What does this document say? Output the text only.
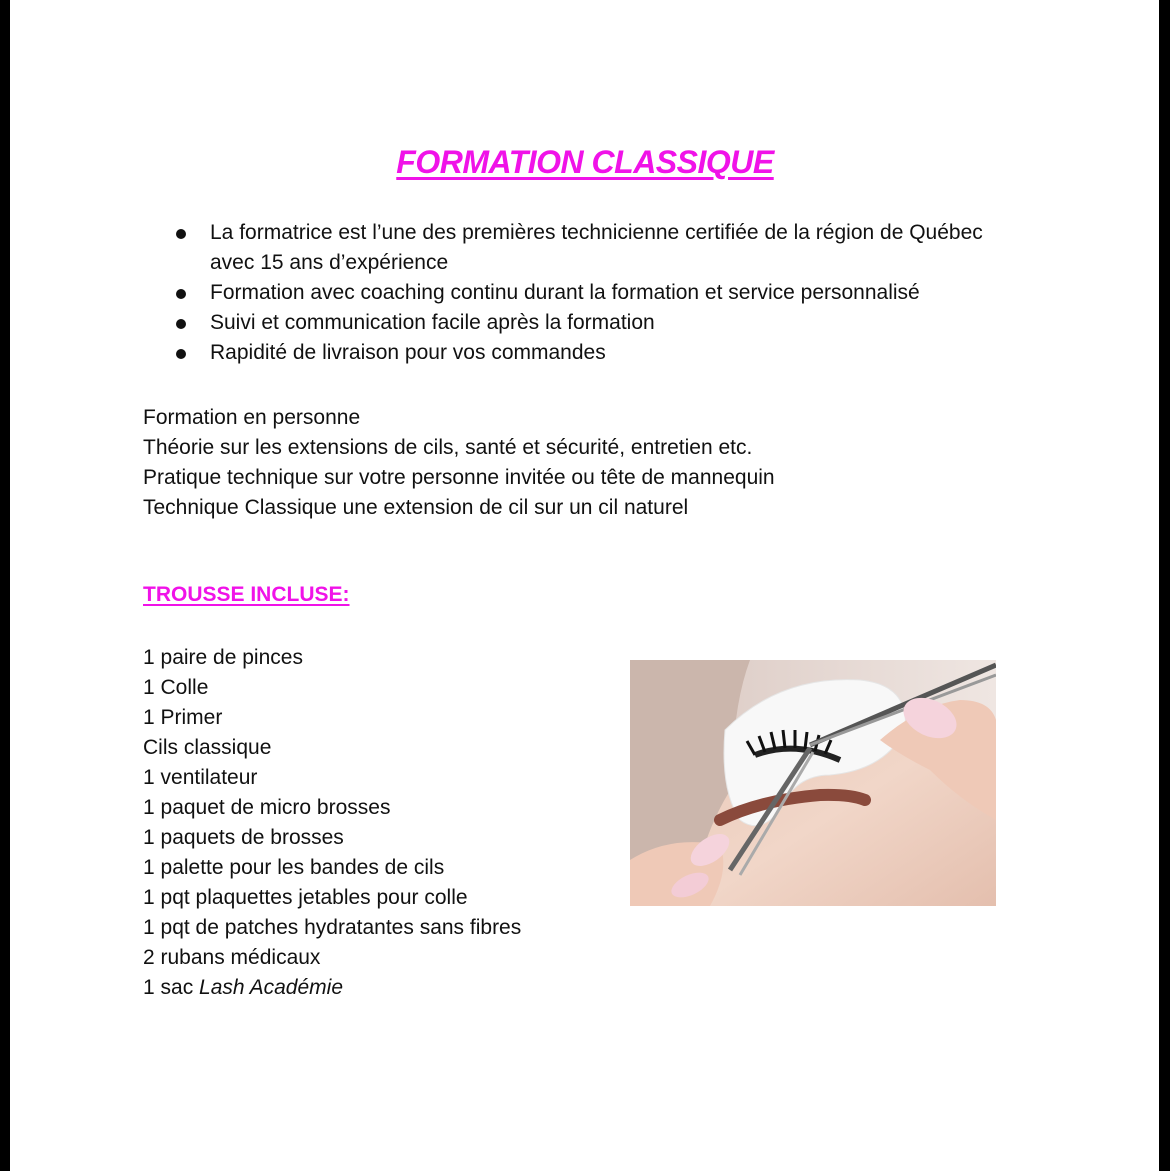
FORMATION CLASSIQUE
La formatrice est l’une des premières technicienne certifiée de la région de Québec avec 15 ans d’expérience
Formation avec coaching continu durant la formation et service personnalisé
Suivi et communication facile après la formation
Rapidité de livraison pour vos commandes
Formation en personne
Théorie sur les extensions de cils, santé et sécurité, entretien etc.
Pratique technique sur votre personne invitée ou tête de mannequin
Technique Classique une extension de cil sur un cil naturel
TROUSSE INCLUSE:
1 paire de pinces
1 Colle
1 Primer
Cils classique
1 ventilateur
1 paquet de micro brosses
1 paquets de brosses
1 palette pour les bandes de cils
1 pqt plaquettes jetables pour colle
1 pqt de patches hydratantes sans fibres
2 rubans médicaux
1 sac Lash Académie
